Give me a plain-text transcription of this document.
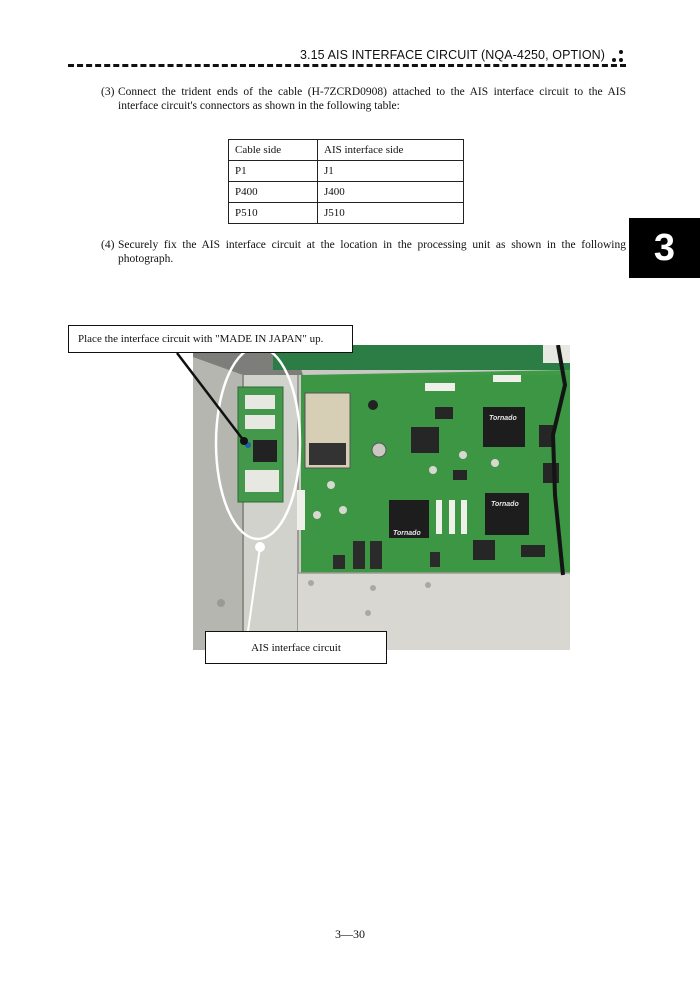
3.15 AIS INTERFACE CIRCUIT (NQA-4250, OPTION)
(3) Connect the trident ends of the cable (H-7ZCRD0908) attached to the AIS interface circuit to the AIS interface circuit's connectors as shown in the following table:
Cable side	AIS interface side
P1	J1
P400	J400
P510	J510
3
(4) Securely fix the AIS interface circuit at the location in the processing unit as shown in the following photograph.
Tornado
Tornado
Tornado
Place the interface circuit with "MADE IN JAPAN" up.
AIS interface circuit
3—30
